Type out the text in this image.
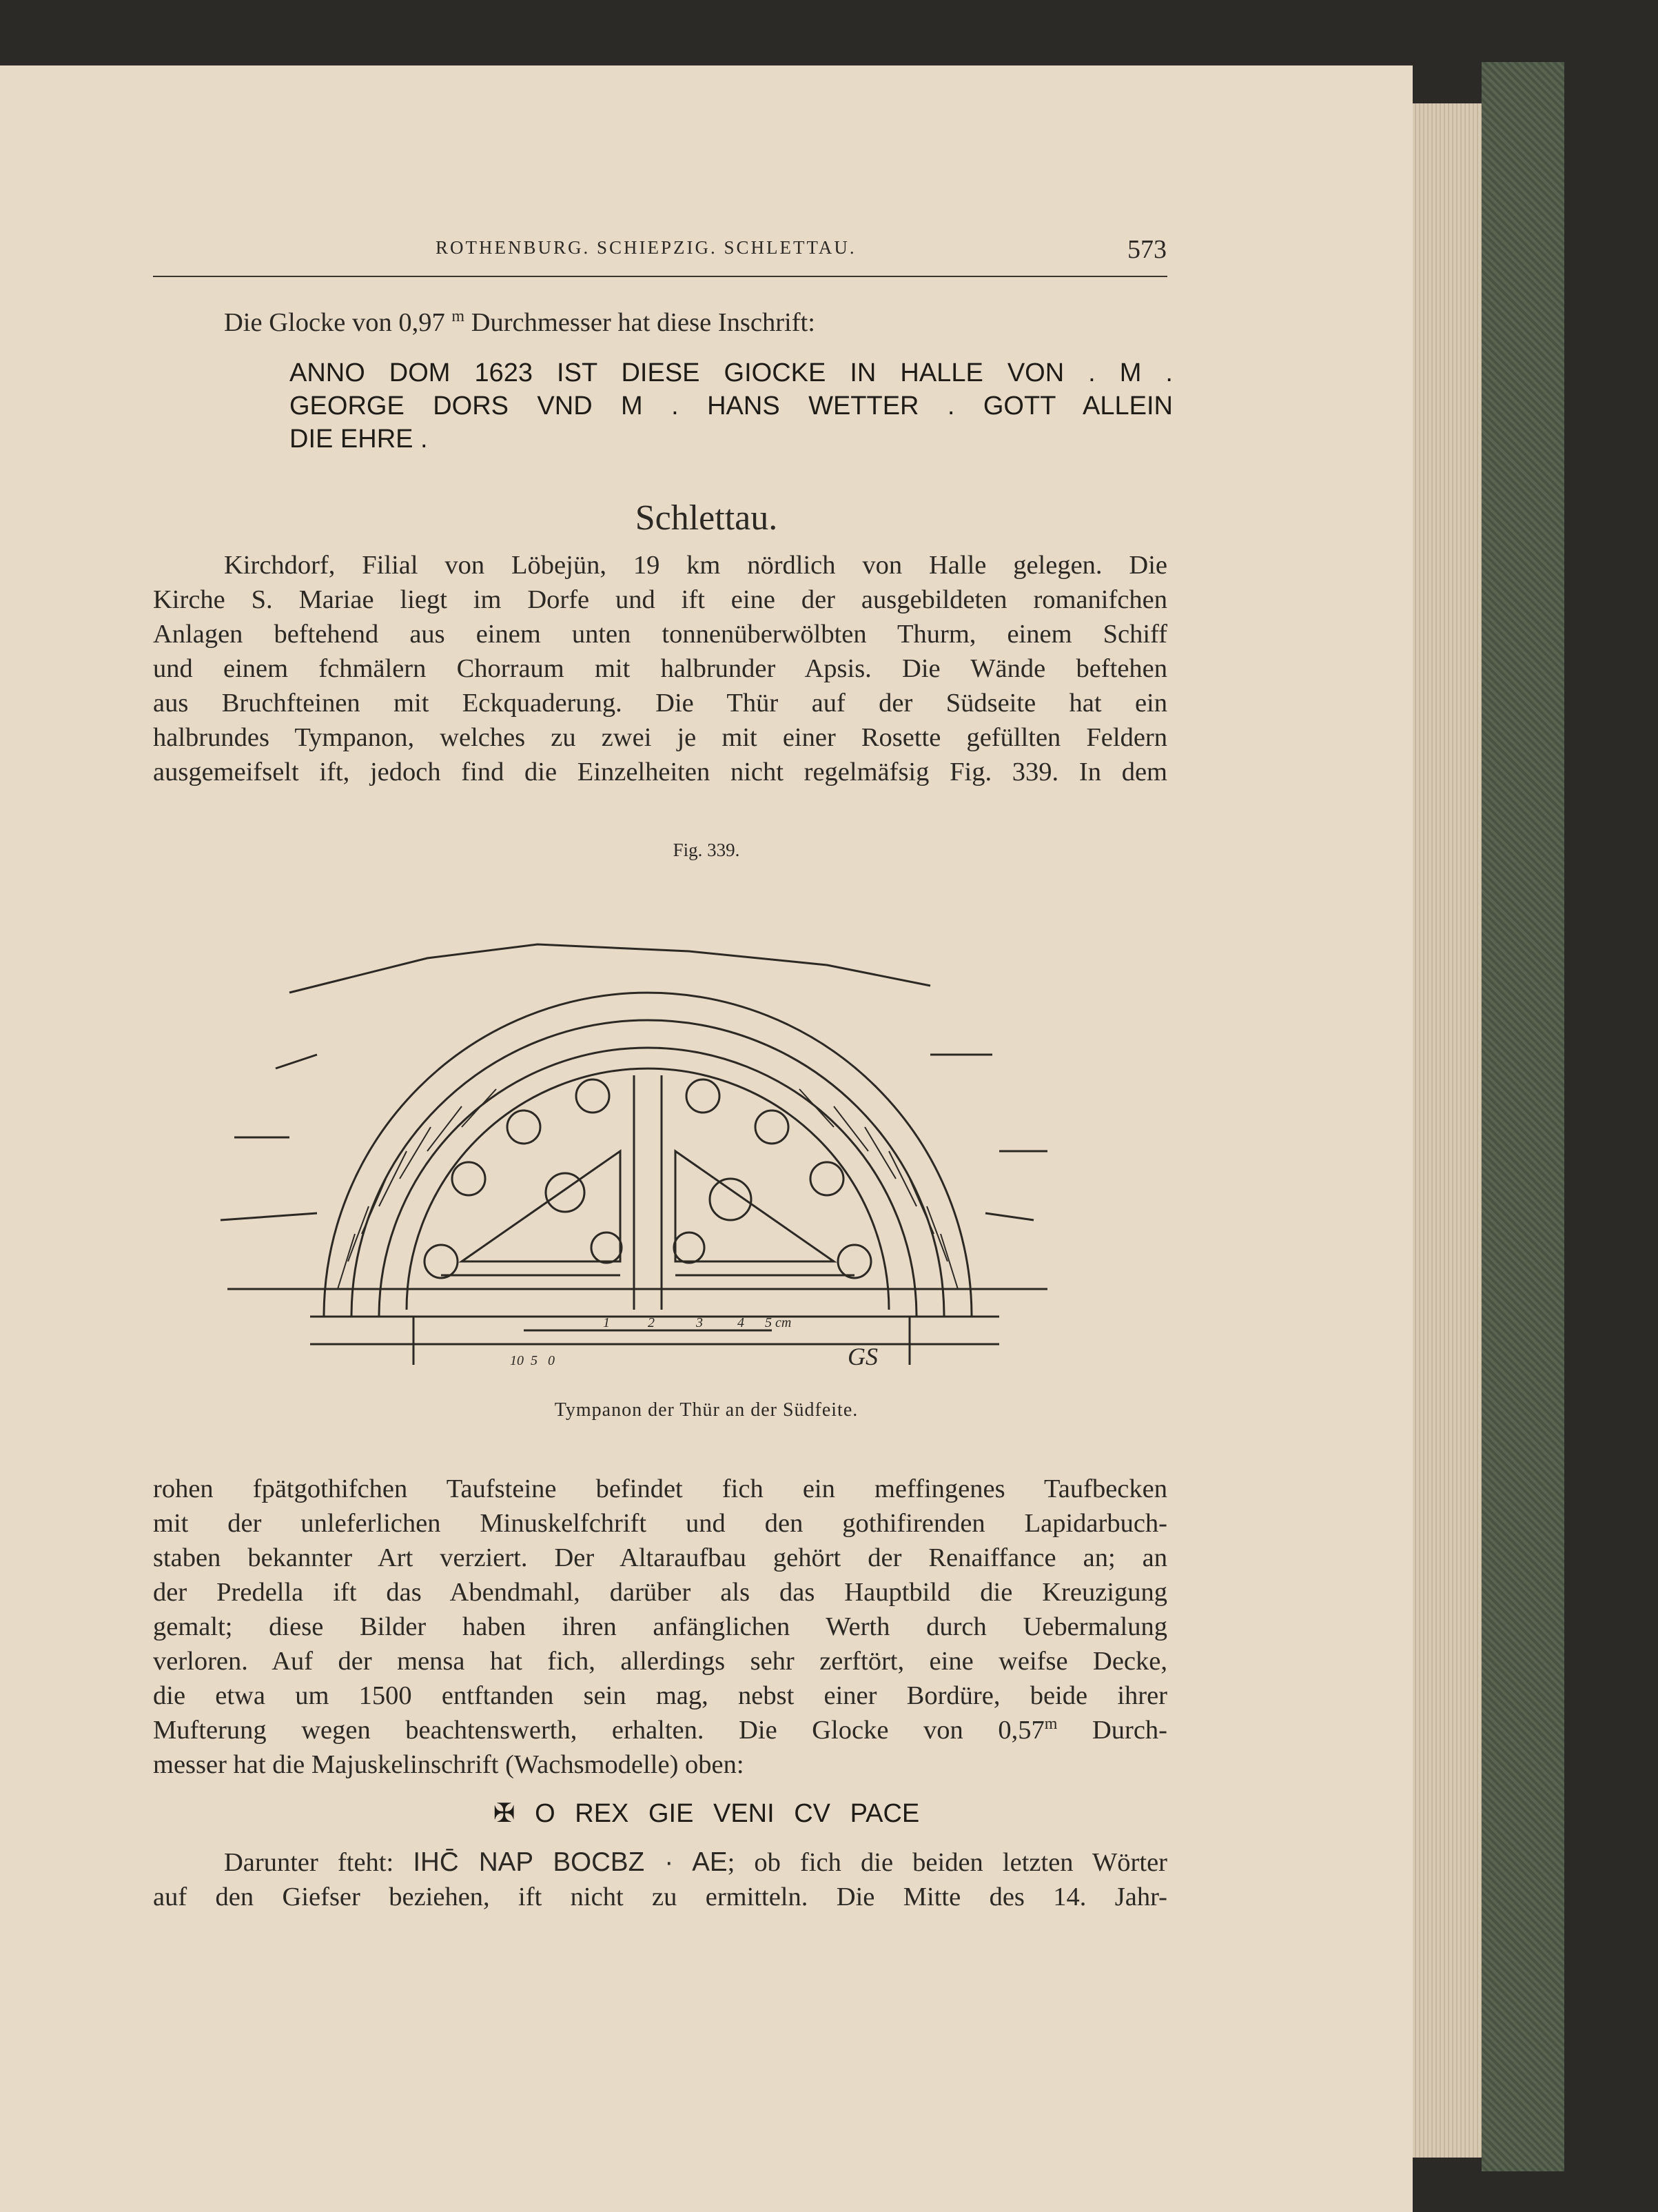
ROTHENBURG. SCHIEPZIG. SCHLETTAU.	573
Die Glocke von 0,97 $^m$ Durchmesser hat diese Inschrift:
ANNO DOM 1623 IST DIESE GIOCKE IN HALLE VON . M .
GEORGE DORS VND M . HANS WETTER . GOTT ALLEIN
DIE EHRE .
Schlettau.
Kirchdorf, Filial von Löbejün, 19 km nördlich von Halle gelegen. Die
Kirche S. Mariae liegt im Dorfe und ift eine der ausgebildeten romanifchen
Anlagen beftehend aus einem unten tonnenüberwölbten Thurm, einem Schiff
und einem fchmälern Chorraum mit halbrunder Apsis. Die Wände beftehen
aus Bruchfteinen mit Eckquaderung. Die Thür auf der Südseite hat ein
halbrundes Tympanon, welches zu zwei je mit einer Rosette gefüllten Feldern
ausgemeifselt ift, jedoch find die Einzelheiten nicht regelmäfsig Fig. 339. In dem
Fig. 339.
10 5 0
1	2	3	4 5 cm
GS
Tympanon der Thür an der Südfeite.
rohen fpätgothifchen Taufsteine befindet fich ein meffingenes Taufbecken
mit der unleferlichen Minuskelfchrift und den gothifirenden Lapidarbuch-
staben bekannter Art verziert. Der Altaraufbau gehört der Renaiffance an; an
der Predella ift das Abendmahl, darüber als das Hauptbild die Kreuzigung
gemalt; diese Bilder haben ihren anfänglichen Werth durch Uebermalung
verloren. Auf der mensa hat fich, allerdings sehr zerftört, eine weifse Decke,
die etwa um 1500 entftanden sein mag, nebst einer Bordüre, beide ihrer
Mufterung wegen beachtenswerth, erhalten. Die Glocke von 0,57$^m$ Durch-
messer hat die Majuskelinschrift (Wachsmodelle) oben:
✠ O REX GIE VENI CV PACE
Darunter fteht: IHC̄ NAP BOCBZ · AE; ob fich die beiden letzten Wörter
auf den Giefser beziehen, ift nicht zu ermitteln. Die Mitte des 14. Jahr-
